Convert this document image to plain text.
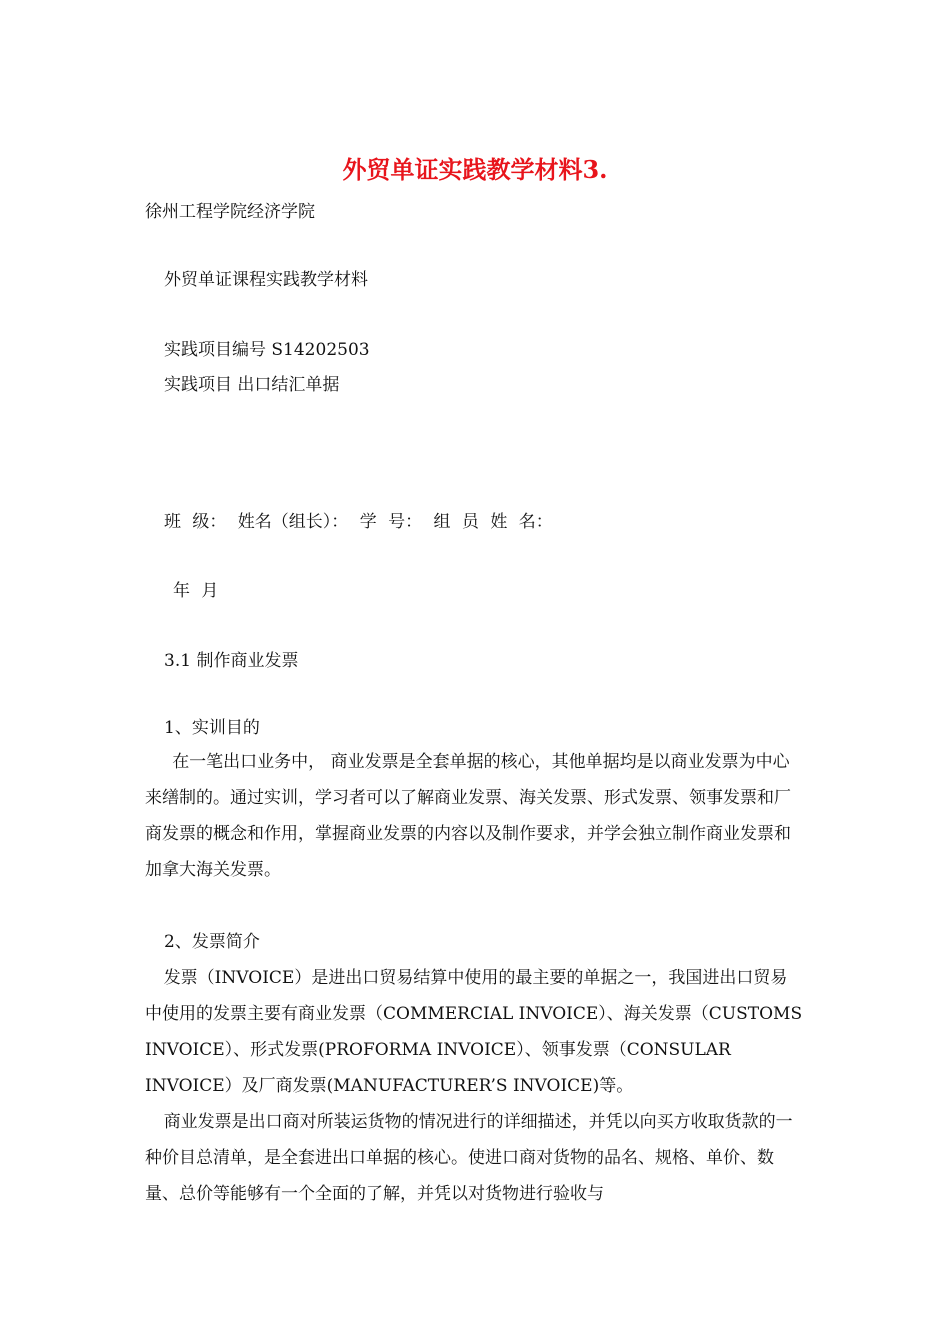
外贸单证实践教学材料3.
徐州工程学院经济学院
外贸单证课程实践教学材料
实践项目编号 S14202503
实践项目 出口结汇单据
班 级： 姓名（组长）： 学 号： 组 员 姓 名：
年 月
3.1 制作商业发票
1、实训目的
在一笔出口业务中， 商业发票是全套单据的核心，其他单据均是以商业发票为中心来缮制的。通过实训，学习者可以了解商业发票、海关发票、形式发票、领事发票和厂商发票的概念和作用，掌握商业发票的内容以及制作要求，并学会独立制作商业发票和加拿大海关发票。
2、发票简介
发票（INVOICE）是进出口贸易结算中使用的最主要的单据之一，我国进出口贸易中使用的发票主要有商业发票（COMMERCIAL INVOICE）、海关发票（CUSTOMS INVOICE）、形式发票(PROFORMA INVOICE）、领事发票（CONSULAR INVOICE）及厂商发票(MANUFACTURER’S INVOICE)等。
商业发票是出口商对所装运货物的情况进行的详细描述，并凭以向买方收取货款的一种价目总清单，是全套进出口单据的核心。使进口商对货物的品名、规格、单价、数量、总价等能够有一个全面的了解，并凭以对货物进行验收与
